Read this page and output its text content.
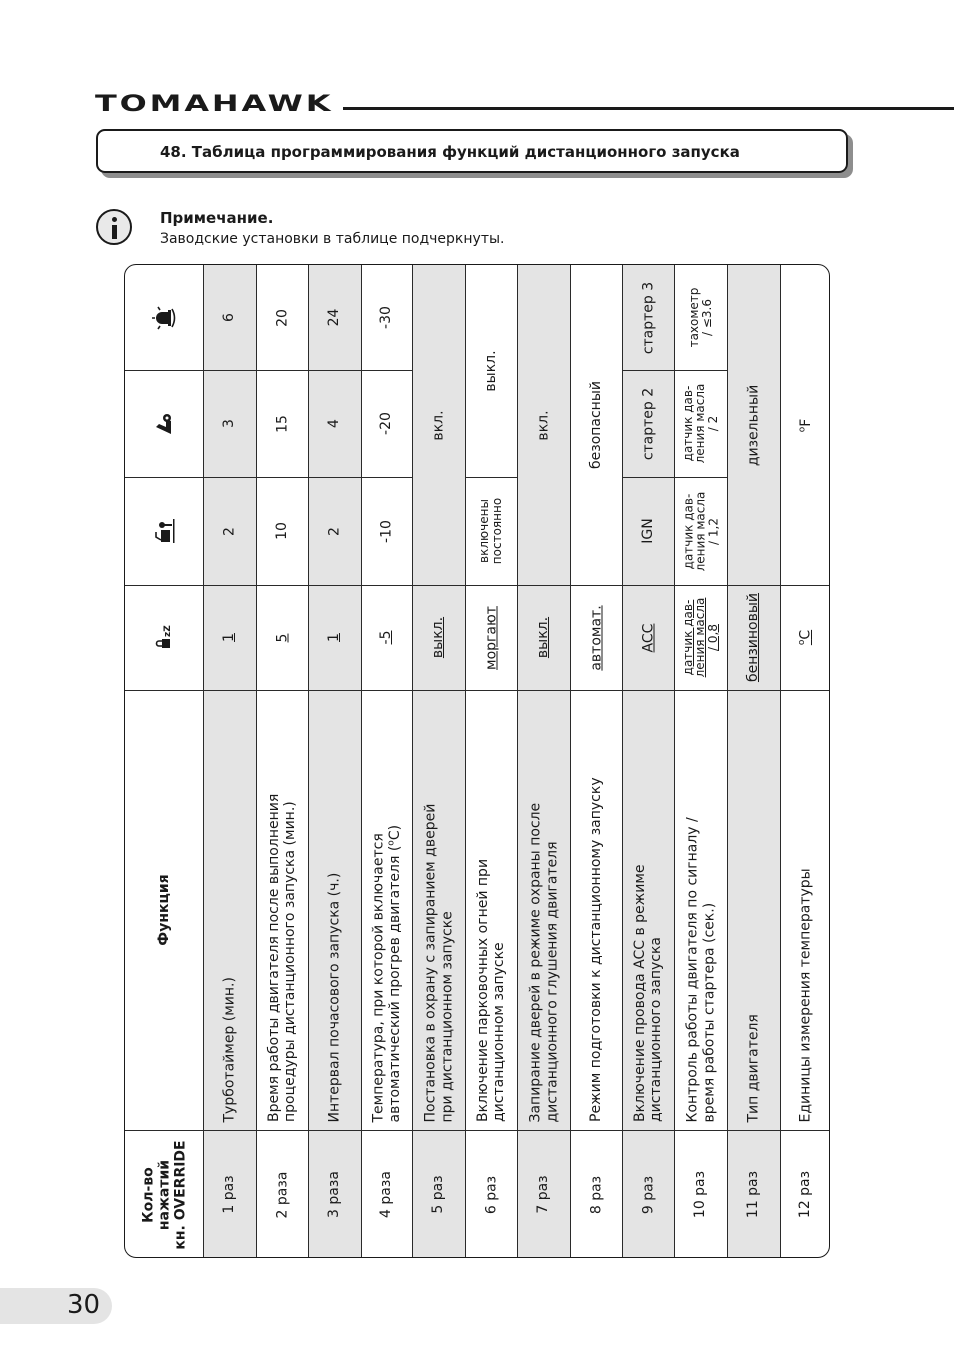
TOMAHAWK
48. Таблица программирования функций дистанционного запуска
Примечание.
Заводские установки в таблице подчеркнуты.
Кол-во нажатий кн. OVERRIDE
Функция
zZ
1 раз
Турботаймер (мин.)
1
2
3
6
2 раза
Время работы двигателя после выполнения процедуры дистанционного запуска (мин.)
5
10
15
20
3 раза
Интервал почасового запуска (ч.)
1
2
4
24
4 раза
Температура, при которой включается автоматический прогрев двигателя ($^o$C)
-5
-10
-20
-30
5 раз
Постановка в охрану с запиранием дверей при дистанционном запуске
выкл.
вкл.
6 раз
Включение парковочных огней при дистанционном запуске
моргают
включены
постоянно
выкл.
7 раз
Запирание дверей в режиме охраны после дистанционного глушения двигателя
выкл.
вкл.
8 раз
Режим подготовки к дистанционному запуску
автомат.
безопасный
9 раз
Включение провода ACC в режиме дистанционного запуска
ACC
IGN
стартер 2
стартер 3
10 раз
Контроль работы двигателя по сигналу / время работы стартера (сек.)
датчик дав-
ления масла
/ 0,8
датчик дав-
ления масла
/ 1,2
датчик дав-
ления масла
/ 2
тахометр
/ ≤3.6
11 раз
Тип двигателя
бензиновый
дизельный
12 раз
Единицы измерения температуры
$^o$C
$^o$F
30
